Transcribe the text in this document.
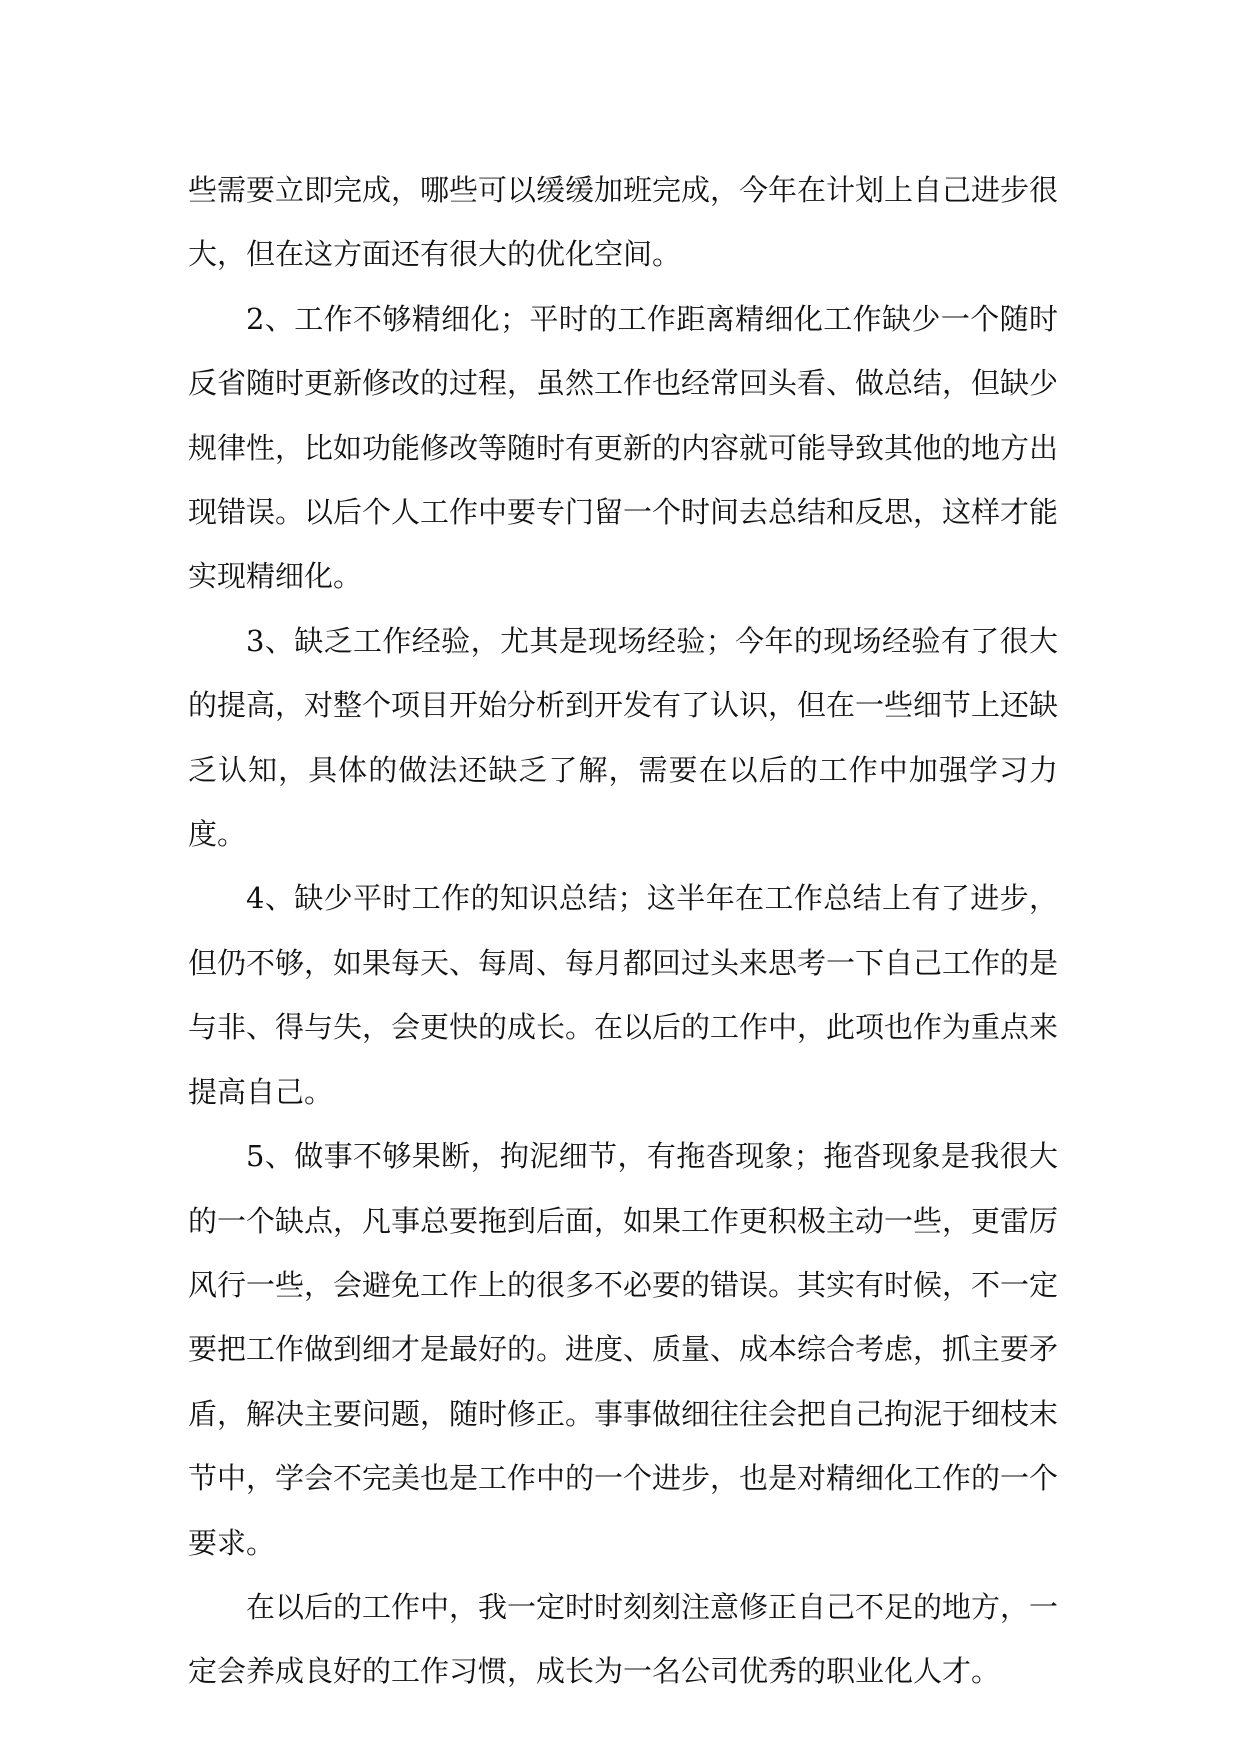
些需要立即完成，哪些可以缓缓加班完成，今年在计划上自己进步很大，但在这方面还有很大的优化空间。

2、工作不够精细化；平时的工作距离精细化工作缺少一个随时反省随时更新修改的过程，虽然工作也经常回头看、做总结，但缺少规律性，比如功能修改等随时有更新的内容就可能导致其他的地方出现错误。以后个人工作中要专门留一个时间去总结和反思，这样才能实现精细化。

3、缺乏工作经验，尤其是现场经验；今年的现场经验有了很大的提高，对整个项目开始分析到开发有了认识，但在一些细节上还缺乏认知，具体的做法还缺乏了解，需要在以后的工作中加强学习力度。

4、缺少平时工作的知识总结；这半年在工作总结上有了进步，但仍不够，如果每天、每周、每月都回过头来思考一下自己工作的是与非、得与失，会更快的成长。在以后的工作中，此项也作为重点来提高自己。

5、做事不够果断，拘泥细节，有拖沓现象；拖沓现象是我很大的一个缺点，凡事总要拖到后面，如果工作更积极主动一些，更雷厉风行一些，会避免工作上的很多不必要的错误。其实有时候，不一定要把工作做到细才是最好的。进度、质量、成本综合考虑，抓主要矛盾，解决主要问题，随时修正。事事做细往往会把自己拘泥于细枝末节中，学会不完美也是工作中的一个进步，也是对精细化工作的一个要求。

在以后的工作中，我一定时时刻刻注意修正自己不足的地方，一定会养成良好的工作习惯，成长为一名公司优秀的职业化人才。
